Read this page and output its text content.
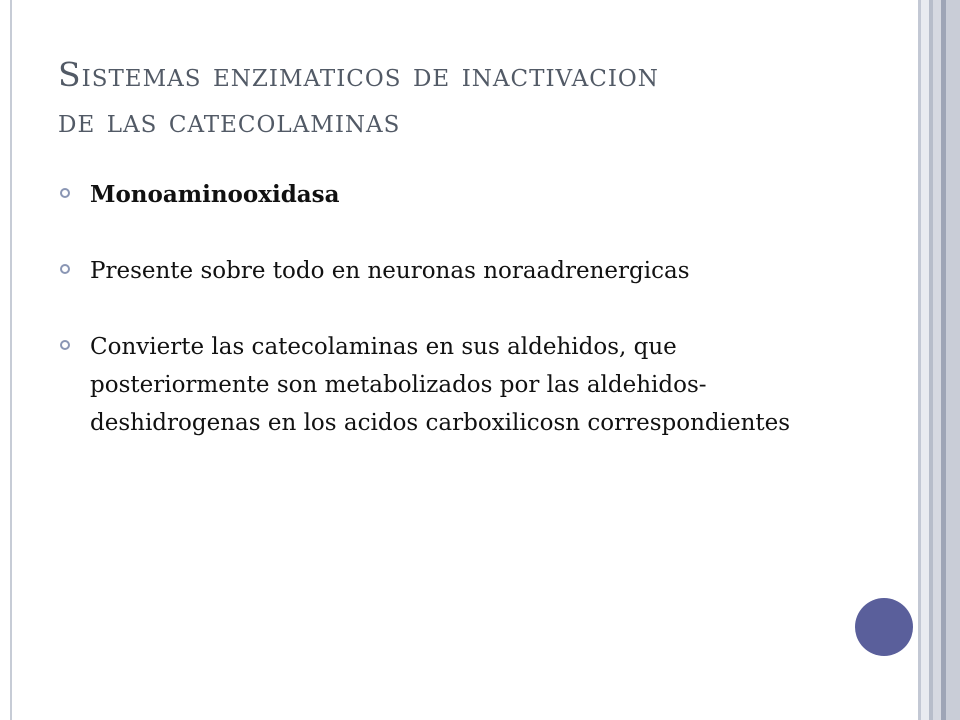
Sistemas enzimaticos de inactivacion
de las catecolaminas
Monoaminooxidasa
Presente sobre todo en neuronas noraadrenergicas
Convierte las catecolaminas en sus aldehidos, que posteriormente son metabolizados por las aldehidos-deshidrogenas en los acidos carboxilicosn correspondientes
